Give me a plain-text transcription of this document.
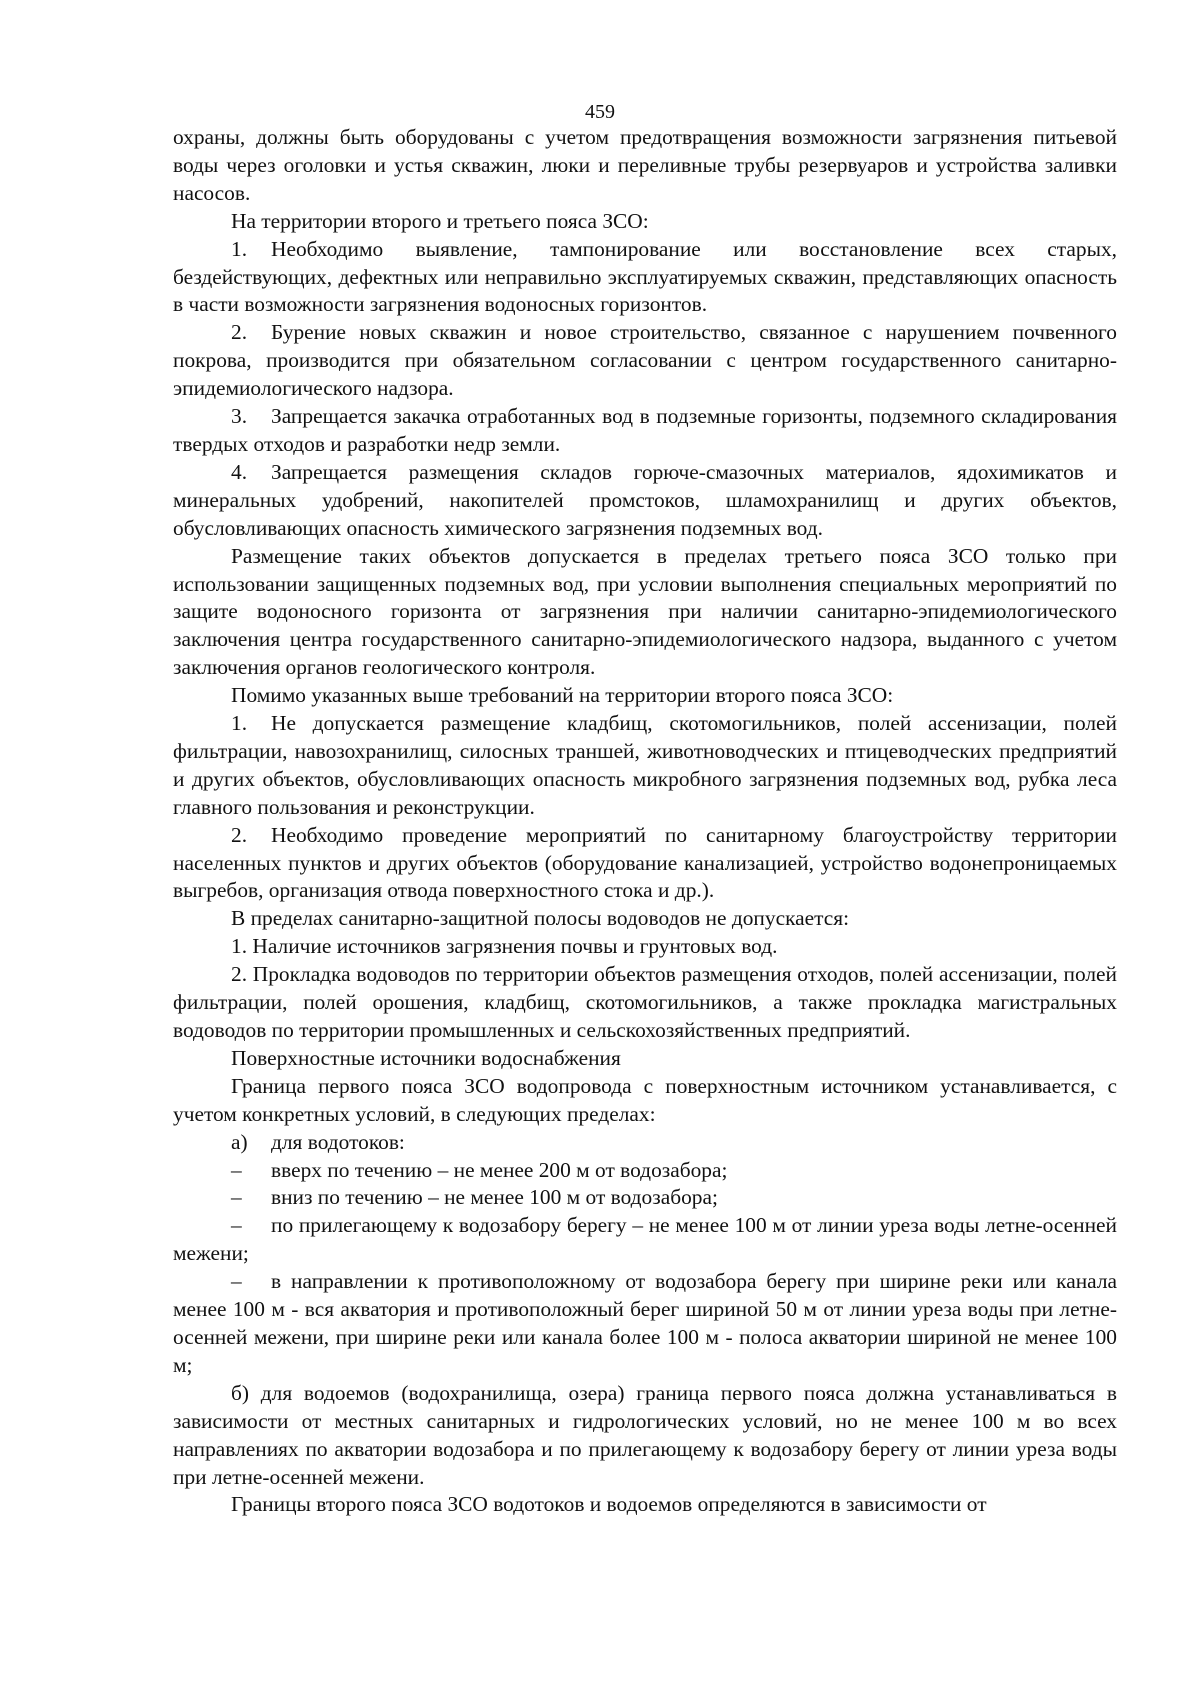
459

охраны, должны быть оборудованы с учетом предотвращения возможности загрязнения питьевой воды через оголовки и устья скважин, люки и переливные трубы резервуаров и устройства заливки насосов.

На территории второго и третьего пояса ЗСО:

1. Необходимо выявление, тампонирование или восстановление всех старых, бездействующих, дефектных или неправильно эксплуатируемых скважин, представляющих опасность в части возможности загрязнения водоносных горизонтов.

2. Бурение новых скважин и новое строительство, связанное с нарушением почвенного покрова, производится при обязательном согласовании с центром государственного санитарно-эпидемиологического надзора.

3. Запрещается закачка отработанных вод в подземные горизонты, подземного складирования твердых отходов и разработки недр земли.

4. Запрещается размещения складов горюче-смазочных материалов, ядохимикатов и минеральных удобрений, накопителей промстоков, шламохранилищ и других объектов, обусловливающих опасность химического загрязнения подземных вод.

Размещение таких объектов допускается в пределах третьего пояса ЗСО только при использовании защищенных подземных вод, при условии выполнения специальных мероприятий по защите водоносного горизонта от загрязнения при наличии санитарно-эпидемиологического заключения центра государственного санитарно-эпидемиологического надзора, выданного с учетом заключения органов геологического контроля.

Помимо указанных выше требований на территории второго пояса ЗСО:

1. Не допускается размещение кладбищ, скотомогильников, полей ассенизации, полей фильтрации, навозохранилищ, силосных траншей, животноводческих и птицеводческих предприятий и других объектов, обусловливающих опасность микробного загрязнения подземных вод, рубка леса главного пользования и реконструкции.

2. Необходимо проведение мероприятий по санитарному благоустройству территории населенных пунктов и других объектов (оборудование канализацией, устройство водонепроницаемых выгребов, организация отвода поверхностного стока и др.).

В пределах санитарно-защитной полосы водоводов не допускается:

1. Наличие источников загрязнения почвы и грунтовых вод.

2. Прокладка водоводов по территории объектов размещения отходов, полей ассенизации, полей фильтрации, полей орошения, кладбищ, скотомогильников, а также прокладка магистральных водоводов по территории промышленных и сельскохозяйственных предприятий.

Поверхностные источники водоснабжения

Граница первого пояса ЗСО водопровода с поверхностным источником устанавливается, с учетом конкретных условий, в следующих пределах:

а) для водотоков:

– вверх по течению – не менее 200 м от водозабора;

– вниз по течению – не менее 100 м от водозабора;

– по прилегающему к водозабору берегу – не менее 100 м от линии уреза воды летне-осенней межени;

– в направлении к противоположному от водозабора берегу при ширине реки или канала менее 100 м - вся акватория и противоположный берег шириной 50 м от линии уреза воды при летне-осенней межени, при ширине реки или канала более 100 м - полоса акватории шириной не менее 100 м;

б) для водоемов (водохранилища, озера) граница первого пояса должна устанавливаться в зависимости от местных санитарных и гидрологических условий, но не менее 100 м во всех направлениях по акватории водозабора и по прилегающему к водозабору берегу от линии уреза воды при летне-осенней межени.

Границы второго пояса ЗСО водотоков и водоемов определяются в зависимости от
